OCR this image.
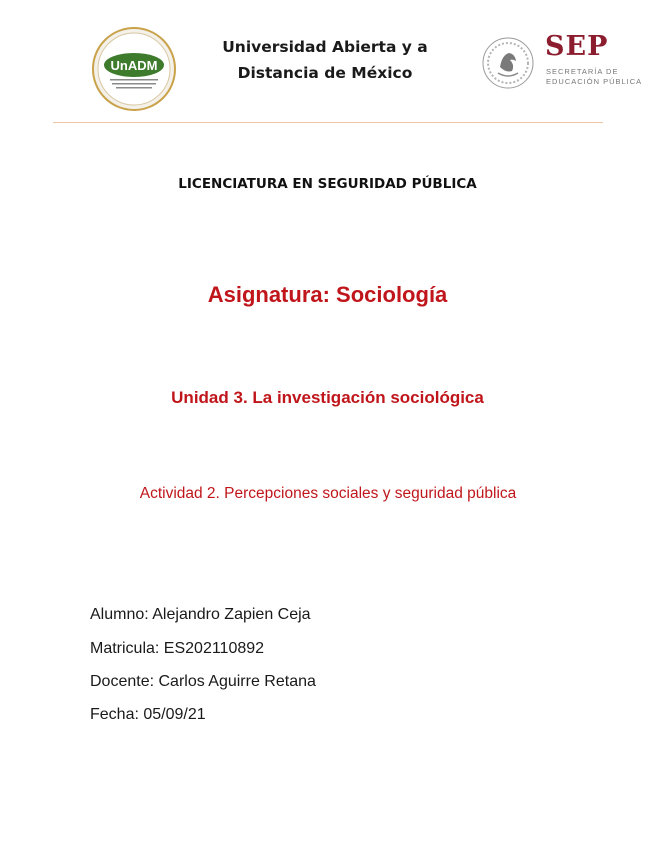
UnADM
Universidad Abierta y a
Distancia de México
SEP
SECRETARÍA DE
EDUCACIÓN PÚBLICA
LICENCIATURA EN SEGURIDAD PÚBLICA
Asignatura: Sociología
Unidad 3. La investigación sociológica
Actividad 2. Percepciones sociales y seguridad pública
Alumno: Alejandro Zapien Ceja
Matricula: ES202110892
Docente: Carlos Aguirre Retana
Fecha: 05/09/21
